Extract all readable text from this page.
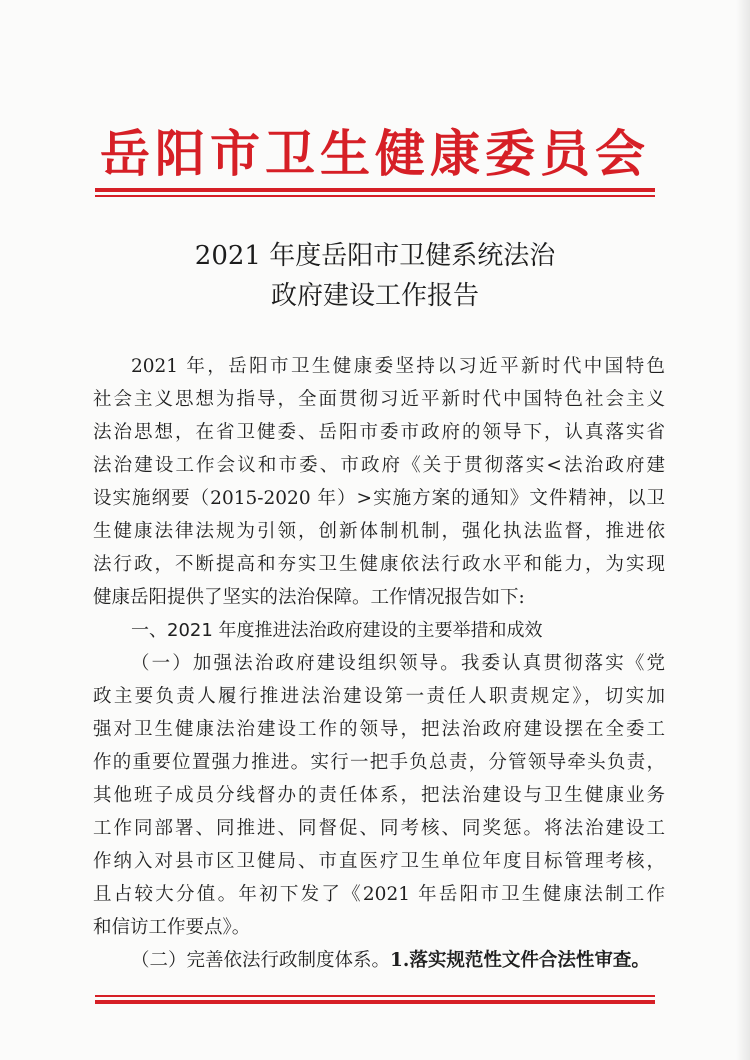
岳阳市卫生健康委员会
2021 年度岳阳市卫健系统法治
政府建设工作报告
2021 年，岳阳市卫生健康委坚持以习近平新时代中国特色
社会主义思想为指导，全面贯彻习近平新时代中国特色社会主义
法治思想，在省卫健委、岳阳市委市政府的领导下，认真落实省
法治建设工作会议和市委、市政府《关于贯彻落实<法治政府建
设实施纲要（2015-2020 年）>实施方案的通知》文件精神，以卫
生健康法律法规为引领，创新体制机制，强化执法监督，推进依
法行政，不断提高和夯实卫生健康依法行政水平和能力，为实现
健康岳阳提供了坚实的法治保障。工作情况报告如下:
一、2021 年度推进法治政府建设的主要举措和成效
（一）加强法治政府建设组织领导。我委认真贯彻落实《党
政主要负责人履行推进法治建设第一责任人职责规定》，切实加
强对卫生健康法治建设工作的领导，把法治政府建设摆在全委工
作的重要位置强力推进。实行一把手负总责，分管领导牵头负责，
其他班子成员分线督办的责任体系，把法治建设与卫生健康业务
工作同部署、同推进、同督促、同考核、同奖惩。将法治建设工
作纳入对县市区卫健局、市直医疗卫生单位年度目标管理考核，
且占较大分值。年初下发了《2021 年岳阳市卫生健康法制工作
和信访工作要点》。
（二）完善依法行政制度体系。1.落实规范性文件合法性审查。
